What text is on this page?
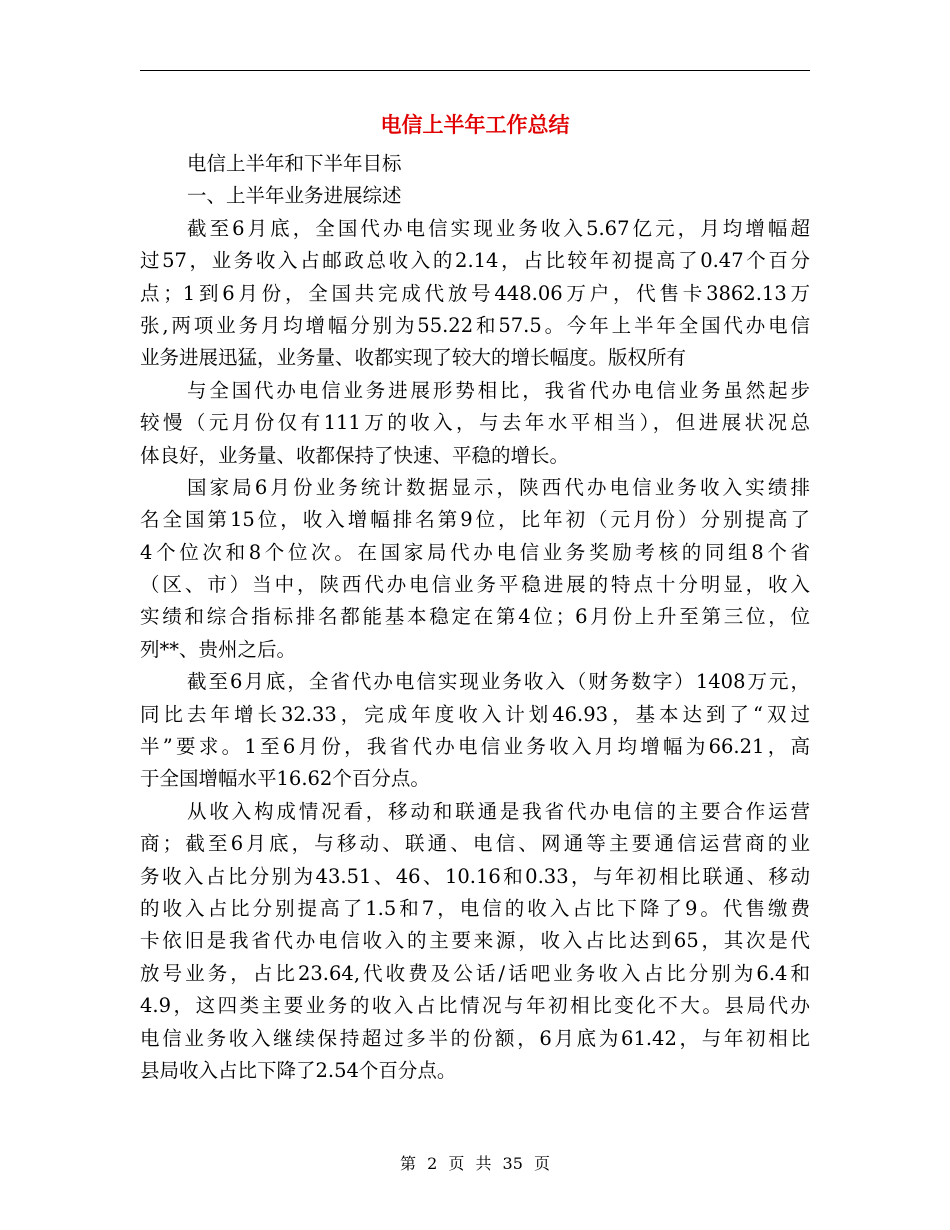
电信上半年工作总结
电信上半年和下半年目标
一、上半年业务进展综述
截至6月底，全国代办电信实现业务收入5.67亿元，月均增幅超
过57，业务收入占邮政总收入的2.14，占比较年初提高了0.47个百分
点；1到6月份，全国共完成代放号448.06万户，代售卡3862.13万
张,两项业务月均增幅分别为55.22和57.5。今年上半年全国代办电信
业务进展迅猛，业务量、收都实现了较大的增长幅度。版权所有
与全国代办电信业务进展形势相比，我省代办电信业务虽然起步
较慢（元月份仅有111万的收入，与去年水平相当），但进展状况总
体良好，业务量、收都保持了快速、平稳的增长。
国家局6月份业务统计数据显示，陕西代办电信业务收入实绩排
名全国第15位，收入增幅排名第9位，比年初（元月份）分别提高了
4个位次和8个位次。在国家局代办电信业务奖励考核的同组8个省
（区、市）当中，陕西代办电信业务平稳进展的特点十分明显，收入
实绩和综合指标排名都能基本稳定在第4位；6月份上升至第三位，位
列**、贵州之后。
截至6月底，全省代办电信实现业务收入（财务数字）1408万元，
同比去年增长32.33，完成年度收入计划46.93，基本达到了“双过
半”要求。1至6月份，我省代办电信业务收入月均增幅为66.21，高
于全国增幅水平16.62个百分点。
从收入构成情况看，移动和联通是我省代办电信的主要合作运营
商；截至6月底，与移动、联通、电信、网通等主要通信运营商的业
务收入占比分别为43.51、46、10.16和0.33，与年初相比联通、移动
的收入占比分别提高了1.5和7，电信的收入占比下降了9。代售缴费
卡依旧是我省代办电信收入的主要来源，收入占比达到65，其次是代
放号业务，占比23.64,代收费及公话/话吧业务收入占比分别为6.4和
4.9，这四类主要业务的收入占比情况与年初相比变化不大。县局代办
电信业务收入继续保持超过多半的份额，6月底为61.42，与年初相比
县局收入占比下降了2.54个百分点。
第 2 页 共 35 页
